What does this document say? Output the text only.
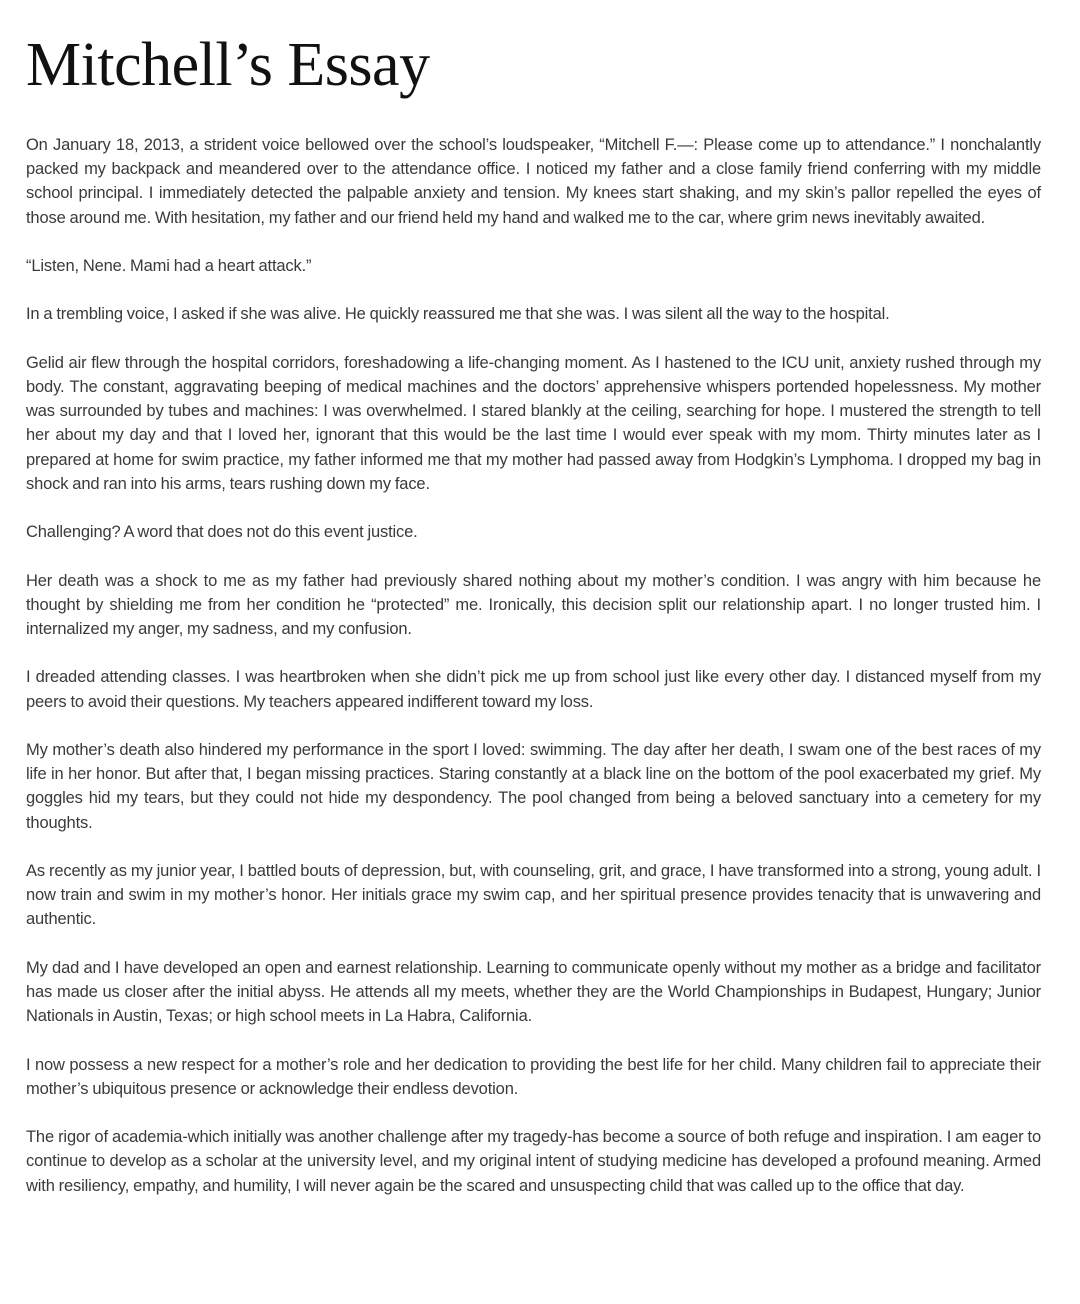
Mitchell’s Essay

On January 18, 2013, a strident voice bellowed over the school’s loudspeaker, “Mitchell F.—: Please come up to attendance.” I nonchalantly packed my backpack and meandered over to the attendance office. I noticed my father and a close family friend conferring with my middle school principal. I immediately detected the palpable anxiety and tension. My knees start shaking, and my skin’s pallor repelled the eyes of those around me. With hesitation, my father and our friend held my hand and walked me to the car, where grim news inevitably awaited.

“Listen, Nene. Mami had a heart attack.”

In a trembling voice, I asked if she was alive. He quickly reassured me that she was. I was silent all the way to the hospital.

Gelid air flew through the hospital corridors, foreshadowing a life-changing moment. As I hastened to the ICU unit, anxiety rushed through my body. The constant, aggravating beeping of medical machines and the doctors’ apprehensive whispers portended hopelessness. My mother was surrounded by tubes and machines: I was overwhelmed. I stared blankly at the ceiling, searching for hope. I mustered the strength to tell her about my day and that I loved her, ignorant that this would be the last time I would ever speak with my mom. Thirty minutes later as I prepared at home for swim practice, my father informed me that my mother had passed away from Hodgkin’s Lymphoma. I dropped my bag in shock and ran into his arms, tears rushing down my face.

Challenging? A word that does not do this event justice.

Her death was a shock to me as my father had previously shared nothing about my mother’s condition. I was angry with him because he thought by shielding me from her condition he “protected” me. Ironically, this decision split our relationship apart. I no longer trusted him. I internalized my anger, my sadness, and my confusion.

I dreaded attending classes. I was heartbroken when she didn’t pick me up from school just like every other day. I distanced myself from my peers to avoid their questions. My teachers appeared indifferent toward my loss.

My mother’s death also hindered my performance in the sport I loved: swimming. The day after her death, I swam one of the best races of my life in her honor. But after that, I began missing practices. Staring constantly at a black line on the bottom of the pool exacerbated my grief. My goggles hid my tears, but they could not hide my despondency. The pool changed from being a beloved sanctuary into a cemetery for my thoughts.

As recently as my junior year, I battled bouts of depression, but, with counseling, grit, and grace, I have transformed into a strong, young adult. I now train and swim in my mother’s honor. Her initials grace my swim cap, and her spiritual presence provides tenacity that is unwavering and authentic.

My dad and I have developed an open and earnest relationship. Learning to communicate openly without my mother as a bridge and facilitator has made us closer after the initial abyss. He attends all my meets, whether they are the World Championships in Budapest, Hungary; Junior Nationals in Austin, Texas; or high school meets in La Habra, California.

I now possess a new respect for a mother’s role and her dedication to providing the best life for her child. Many children fail to appreciate their mother’s ubiquitous presence or acknowledge their endless devotion.

The rigor of academia-which initially was another challenge after my tragedy-has become a source of both refuge and inspiration. I am eager to continue to develop as a scholar at the university level, and my original intent of studying medicine has developed a profound meaning. Armed with resiliency, empathy, and humility, I will never again be the scared and unsuspecting child that was called up to the office that day.
